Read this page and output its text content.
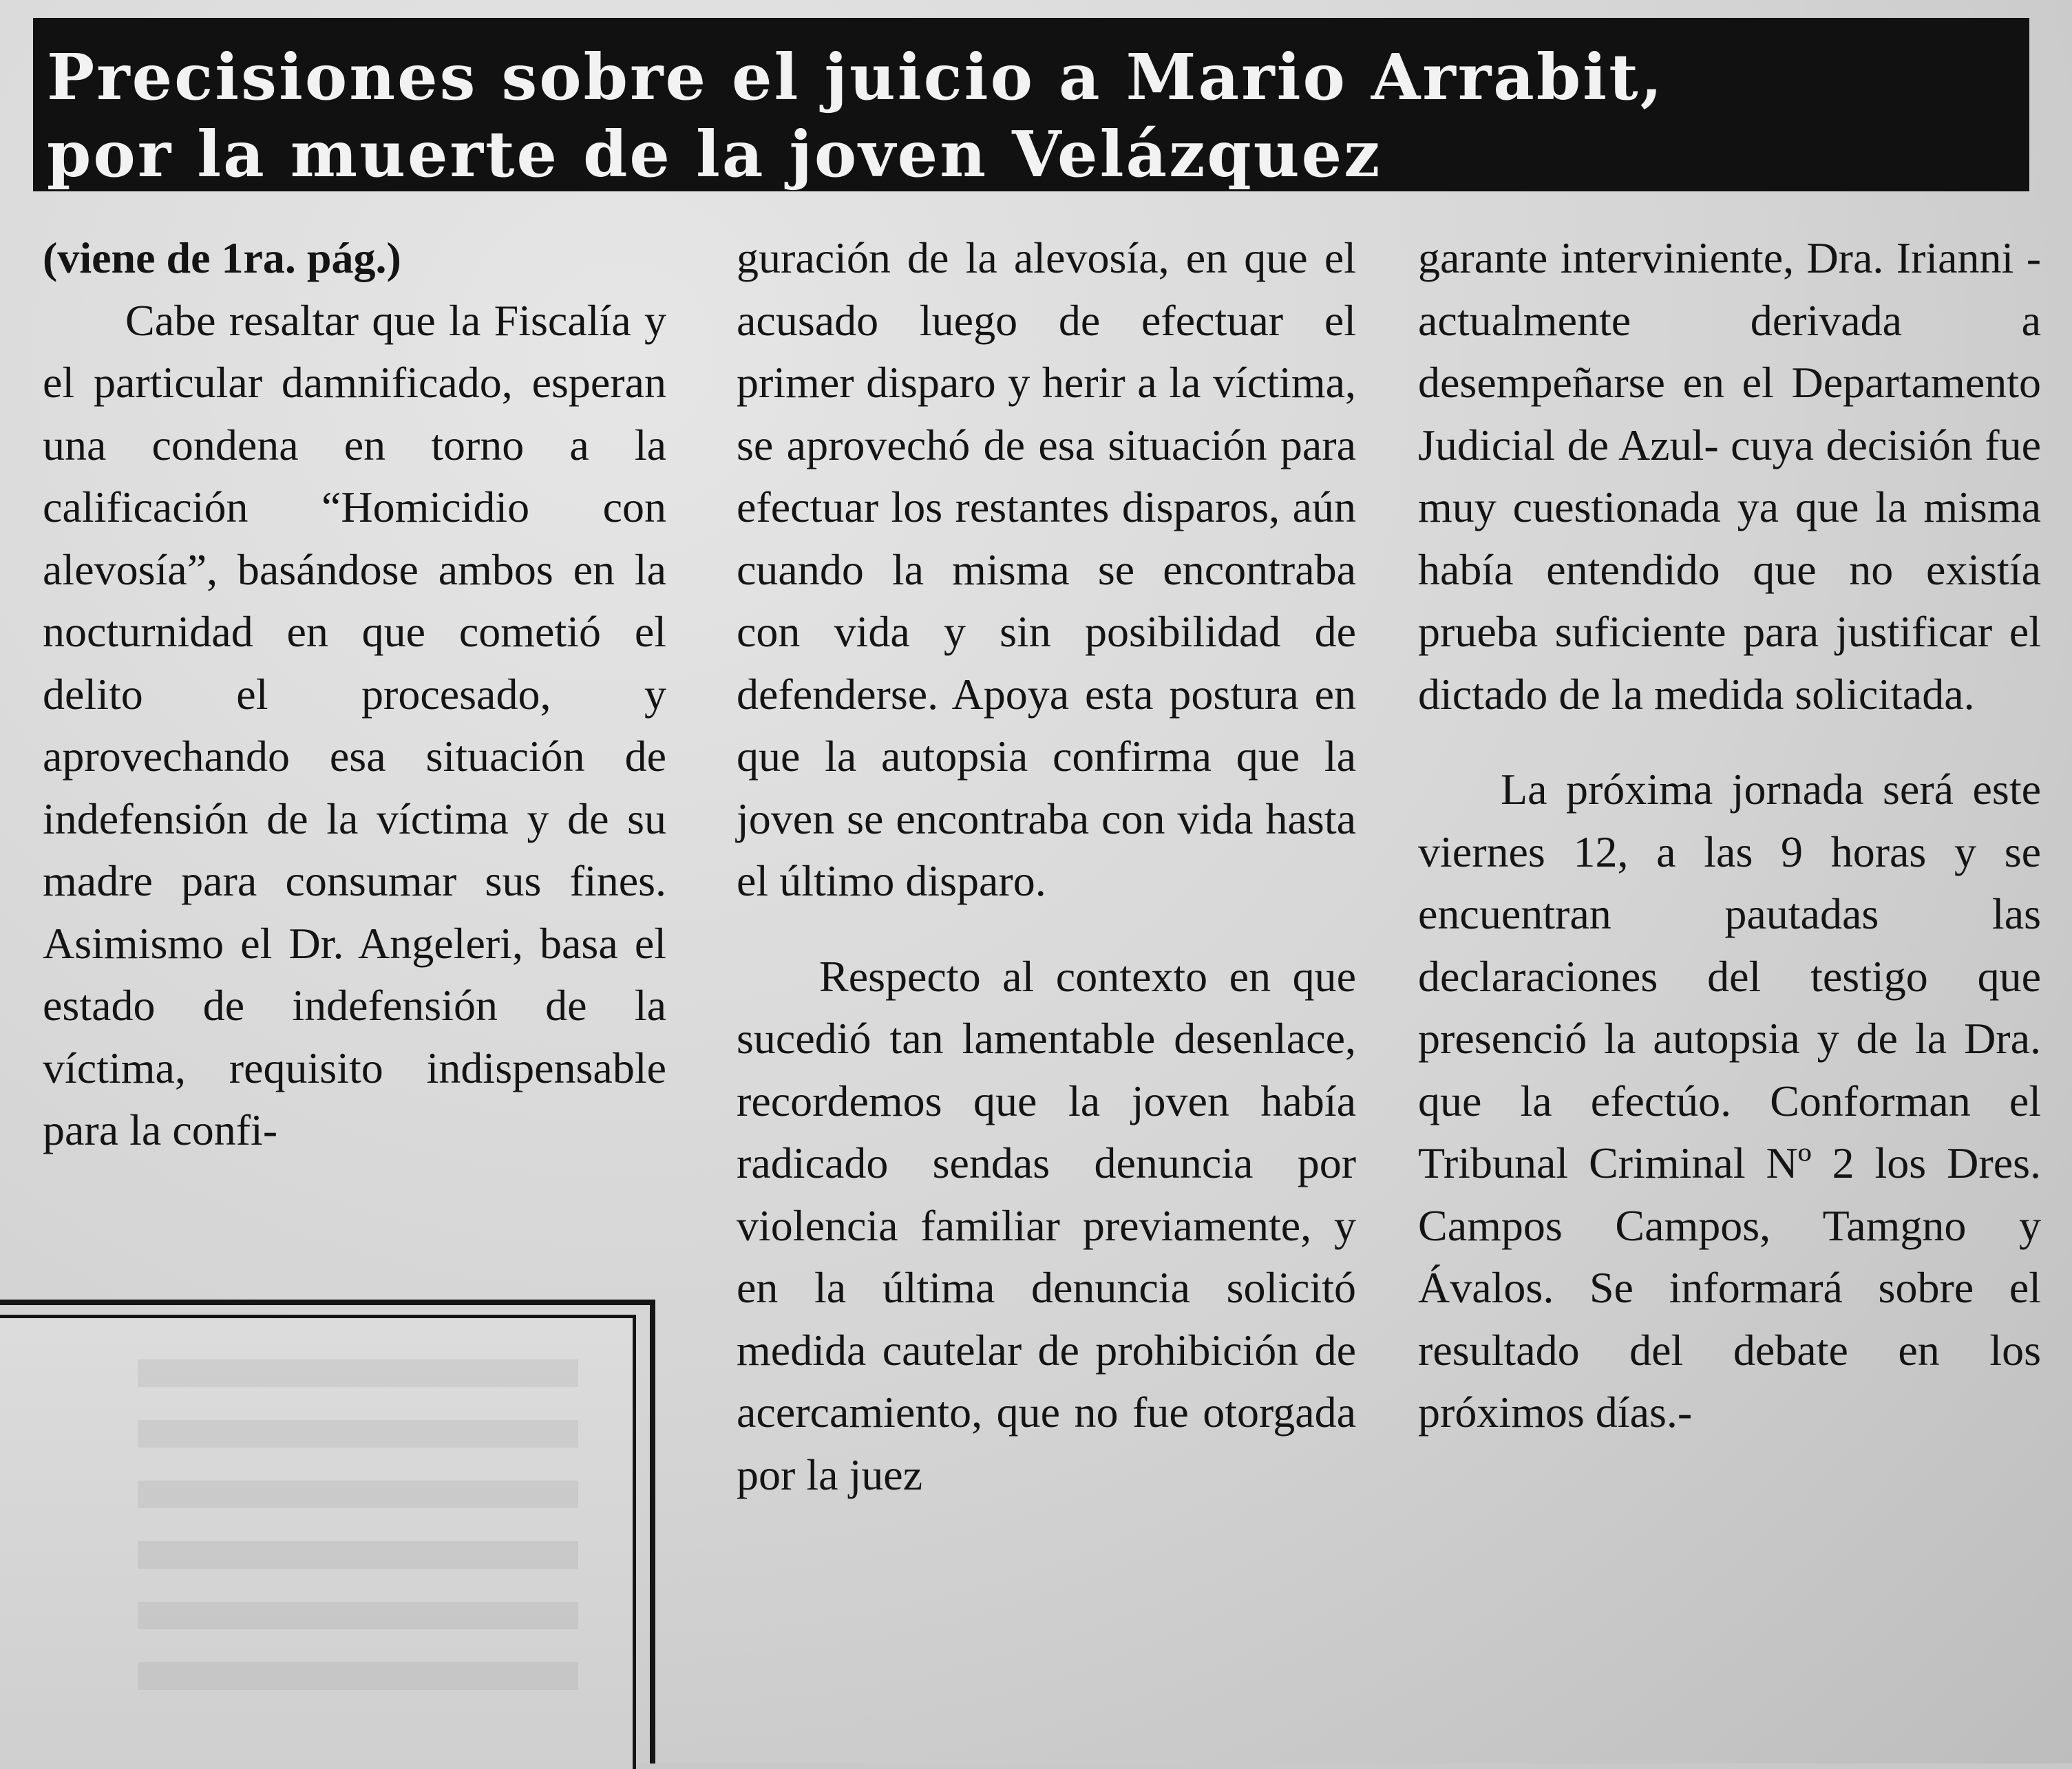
Precisiones sobre el juicio a Mario Arrabit,
por la muerte de la joven Velázquez

(viene de 1ra. pág.)

Cabe resaltar que la Fiscalía y el particular damnificado, esperan una condena en torno a la calificación “Homicidio con alevosía”, basándose ambos en la nocturnidad en que cometió el delito el procesado, y aprovechando esa situación de indefensión de la víctima y de su madre para consumar sus fines. Asimismo el Dr. Angeleri, basa el estado de indefensión de la víctima, requisito indispensable para la confi-

guración de la alevosía, en que el acusado luego de efectuar el primer disparo y herir a la víctima, se aprovechó de esa situación para efectuar los restantes disparos, aún cuando la misma se encontraba con vida y sin posibilidad de defenderse. Apoya esta postura en que la autopsia confirma que la joven se encontraba con vida hasta el último disparo.

Respecto al contexto en que sucedió tan lamentable desenlace, recordemos que la joven había radicado sendas denuncia por violencia familiar previamente, y en la última denuncia solicitó medida cautelar de prohibición de acercamiento, que no fue otorgada por la juez

garante interviniente, Dra. Irianni -actualmente derivada a desempeñarse en el Departamento Judicial de Azul- cuya decisión fue muy cuestionada ya que la misma había entendido que no existía prueba suficiente para justificar el dictado de la medida solicitada.

La próxima jornada será este viernes 12, a las 9 horas y se encuentran pautadas las declaraciones del testigo que presenció la autopsia y de la Dra. que la efectúo. Conforman el Tribunal Criminal Nº 2 los Dres. Campos Campos, Tamgno y Ávalos. Se informará sobre el resultado del debate en los próximos días.-
